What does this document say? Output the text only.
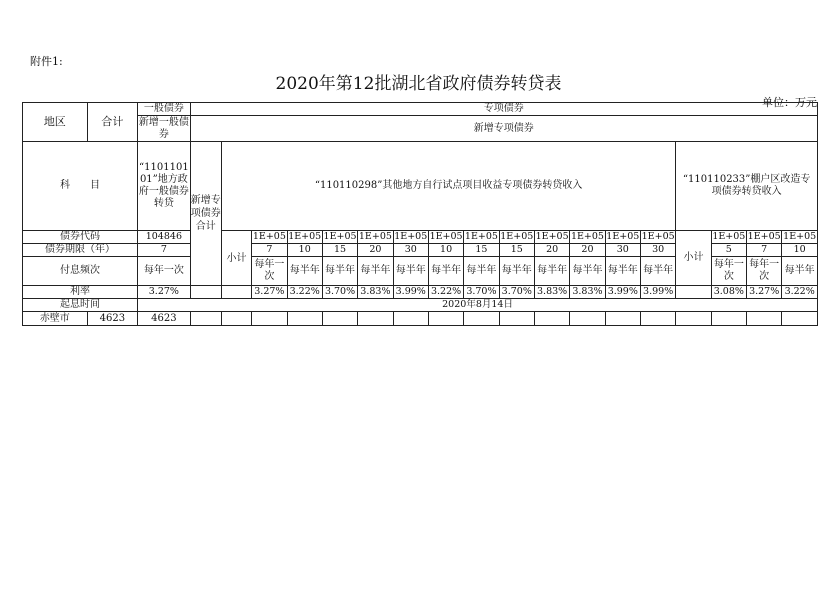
附件1:
2020年第12批湖北省政府债券转贷表
单位：万元
地区	合计	一般债券	专项债券																	
		新增一般债券	新增专项债券																	
科　　目		“110110101”地方政府一般债券转贷	新增专项债券合计	“110110298”其他地方自行试点项目收益专项债券转贷收入													“110110233”棚户区改造专项债券转贷收入			
债券代码		104846		小计	1E+05	1E+05	1E+05	1E+05	1E+05	1E+05	1E+05	1E+05	1E+05	1E+05	1E+05	1E+05	小计	1E+05	1E+05	1E+05
债券期限（年）		7			7	10	15	20	30	10	15	15	20	20	30	30		5	7	10
付息频次		每年一次			每年一次	每半年	每半年	每半年	每半年	每半年	每半年	每半年	每半年	每半年	每半年	每半年		每年一次	每年一次	每半年
利率		3.27%			3.27%	3.22%	3.70%	3.83%	3.99%	3.22%	3.70%	3.70%	3.83%	3.83%	3.99%	3.99%		3.08%	3.27%	3.22%
起息时间		2020年8月14日																		
赤壁市	4623	4623																		
